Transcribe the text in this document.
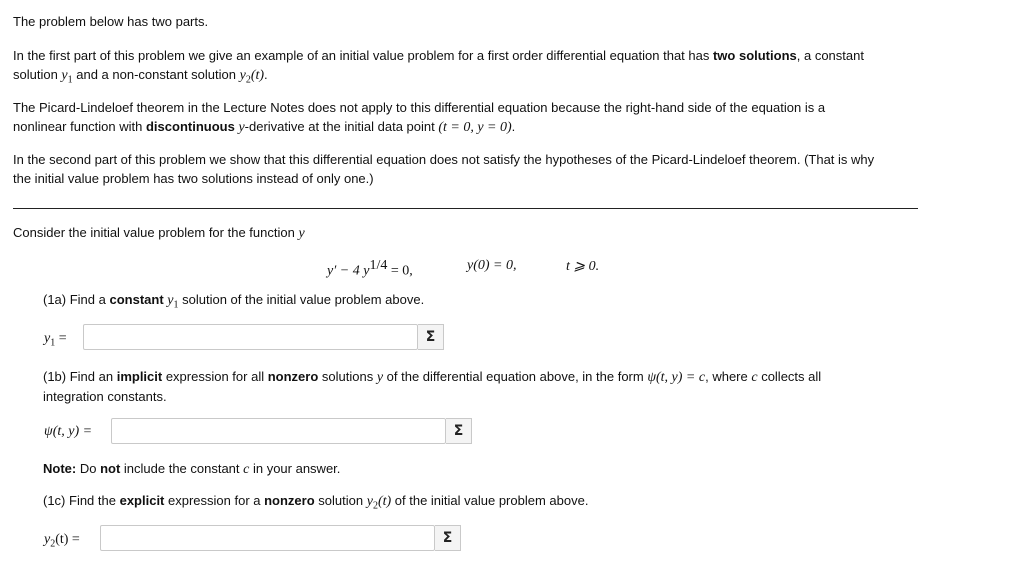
The problem below has two parts.
In the first part of this problem we give an example of an initial value problem for a first order differential equation that has two solutions, a constant
solution $y_1$ and a non-constant solution $y_2(t)$.
The Picard-Lindeloef theorem in the Lecture Notes does not apply to this differential equation because the right-hand side of the equation is a
nonlinear function with discontinuous y-derivative at the initial data point (t = 0, y = 0).
In the second part of this problem we show that this differential equation does not satisfy the hypotheses of the Picard-Lindeloef theorem. (That is why
the initial value problem has two solutions instead of only one.)
Consider the initial value problem for the function y
y′ − 4 $y^{1/4} = 0$,	y(0) = 0,	t ⩾ 0.
(1a) Find a constant $y_1$ solution of the initial value problem above.
$y_1$ =	Σ
(1b) Find an implicit expression for all nonzero solutions y of the differential equation above, in the form ψ(t, y) = c, where c collects all
integration constants.
ψ(t, y) =	Σ
Note: Do not include the constant c in your answer.
(1c) Find the explicit expression for a nonzero solution $y_2(t)$ of the initial value problem above.
$y_2(t)$ =	Σ
